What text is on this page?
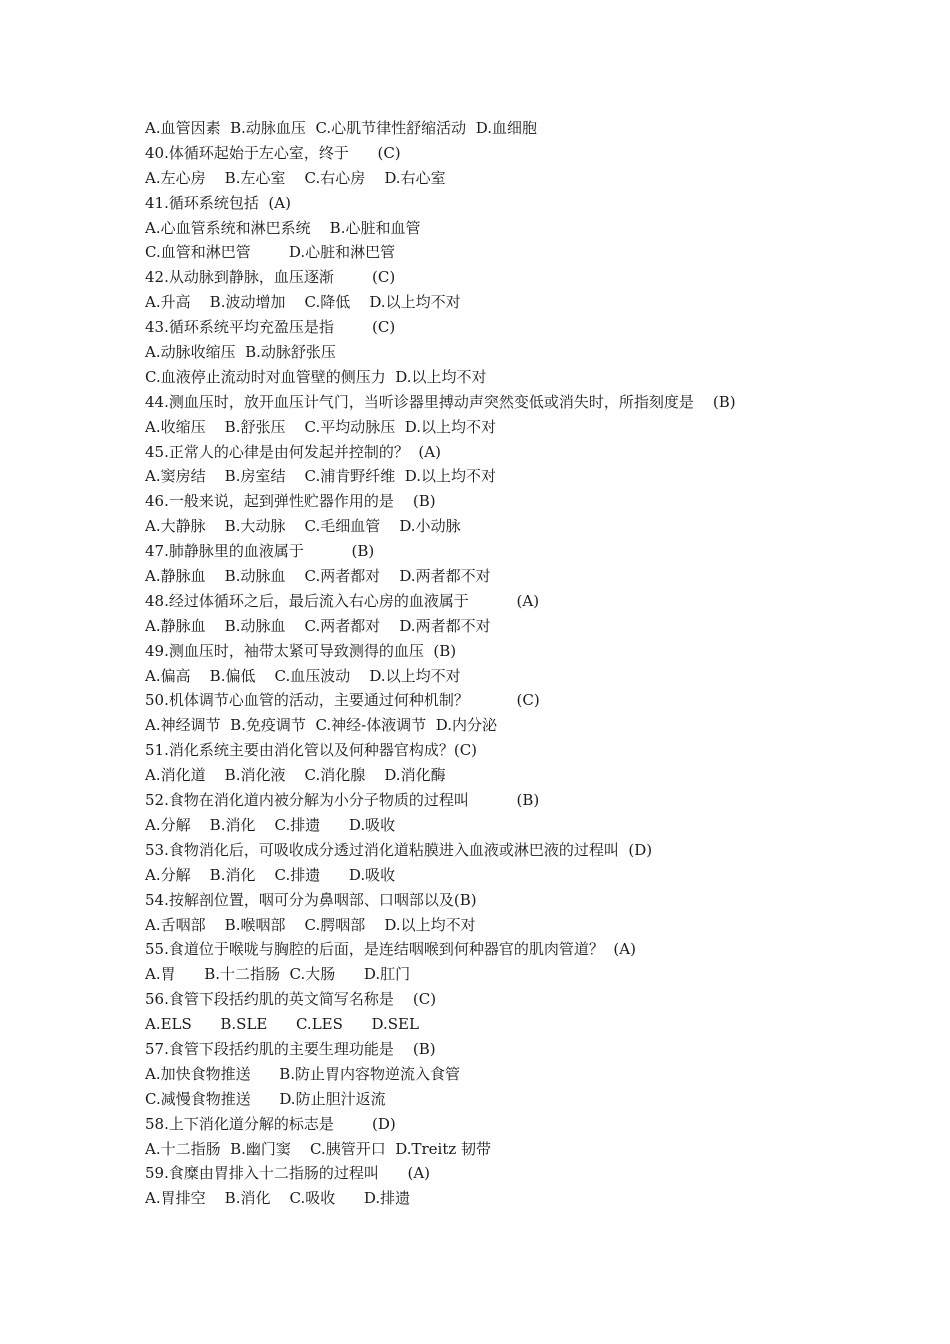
A.血管因素  B.动脉血压  C.心肌节律性舒缩活动  D.血细胞
40.体循环起始于左心室，终于      (C)
A.左心房    B.左心室    C.右心房    D.右心室
41.循环系统包括  (A)
A.心血管系统和淋巴系统    B.心脏和血管
C.血管和淋巴管        D.心脏和淋巴管
42.从动脉到静脉，血压逐渐        (C)
A.升高    B.波动增加    C.降低    D.以上均不对
43.循环系统平均充盈压是指        (C)
A.动脉收缩压  B.动脉舒张压
C.血液停止流动时对血管壁的侧压力  D.以上均不对
44.测血压时，放开血压计气门，当听诊器里搏动声突然变低或消失时，所指刻度是    (B)
A.收缩压    B.舒张压    C.平均动脉压  D.以上均不对
45.正常人的心律是由何发起并控制的？  (A)
A.窦房结    B.房室结    C.浦肯野纤维  D.以上均不对
46.一般来说，起到弹性贮器作用的是    (B)
A.大静脉    B.大动脉    C.毛细血管    D.小动脉
47.肺静脉里的血液属于          (B)
A.静脉血    B.动脉血    C.两者都对    D.两者都不对
48.经过体循环之后，最后流入右心房的血液属于          (A)
A.静脉血    B.动脉血    C.两者都对    D.两者都不对
49.测血压时，袖带太紧可导致测得的血压  (B)
A.偏高    B.偏低    C.血压波动    D.以上均不对
50.机体调节心血管的活动，主要通过何种机制？          (C)
A.神经调节  B.免疫调节  C.神经-体液调节  D.内分泌
51.消化系统主要由消化管以及何种器官构成？(C)
A.消化道    B.消化液    C.消化腺    D.消化酶
52.食物在消化道内被分解为小分子物质的过程叫          (B)
A.分解    B.消化    C.排遗      D.吸收
53.食物消化后，可吸收成分透过消化道粘膜进入血液或淋巴液的过程叫  (D)
A.分解    B.消化    C.排遗      D.吸收
54.按解剖位置，咽可分为鼻咽部、口咽部以及(B)
A.舌咽部    B.喉咽部    C.腭咽部    D.以上均不对
55.食道位于喉咙与胸腔的后面，是连结咽喉到何种器官的肌肉管道？  (A)
A.胃      B.十二指肠  C.大肠      D.肛门
56.食管下段括约肌的英文简写名称是    (C)
A.ELS      B.SLE      C.LES      D.SEL
57.食管下段括约肌的主要生理功能是    (B)
A.加快食物推送      B.防止胃内容物逆流入食管
C.减慢食物推送      D.防止胆汁返流
58.上下消化道分解的标志是        (D)
A.十二指肠  B.幽门窦    C.胰管开口  D.Treitz 韧带
59.食糜由胃排入十二指肠的过程叫      (A)
A.胃排空    B.消化    C.吸收      D.排遗
